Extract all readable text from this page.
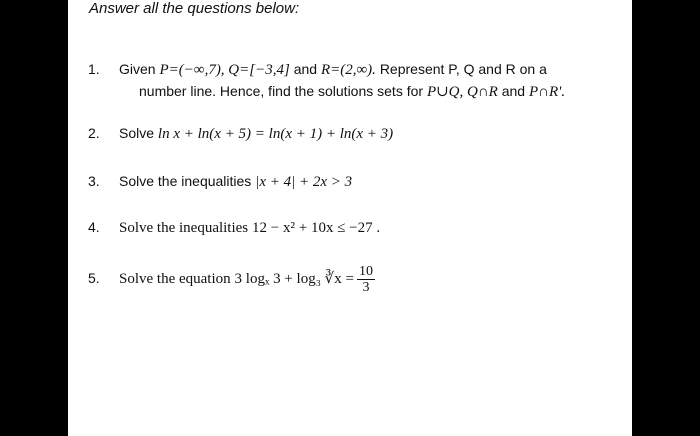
Answer all the questions below:
1. Given P=(−∞,7), Q=[−3,4] and R=(2,∞). Represent P, Q and R on a
number line. Hence, find the solutions sets for P∪Q, Q∩R and P∩R'.
2. Solve ln x + ln(x + 5) = ln(x + 1) + ln(x + 3)
3. Solve the inequalities |x + 4| + 2x > 3
4. Solve the inequalities 12 − x² + 10x ≤ −27 .
5. Solve the equation 3 logₓ 3 + log₃ ∛x = $\frac{10}{3}$
